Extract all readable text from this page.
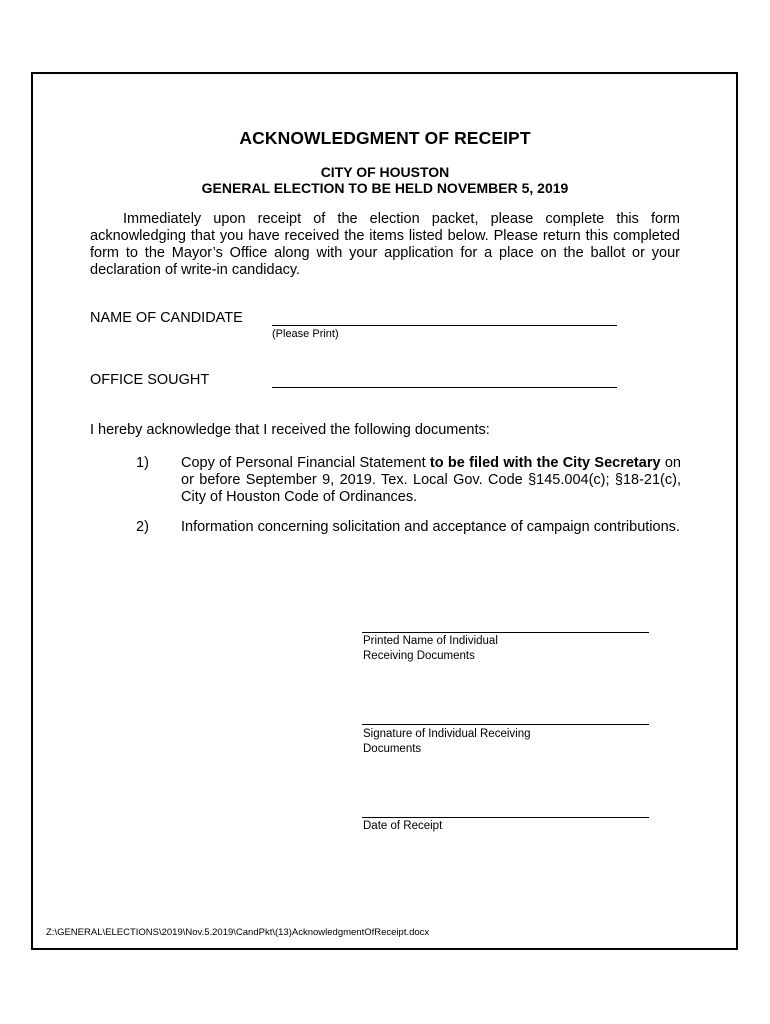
ACKNOWLEDGMENT OF RECEIPT
CITY OF HOUSTON
GENERAL ELECTION TO BE HELD NOVEMBER 5, 2019

Immediately upon receipt of the election packet, please complete this form acknowledging that you have received the items listed below. Please return this completed form to the Mayor’s Office along with your application for a place on the ballot or your declaration of write-in candidacy.

NAME OF CANDIDATE
(Please Print)
OFFICE SOUGHT
I hereby acknowledge that I received the following documents:
1) Copy of Personal Financial Statement to be filed with the City Secretary on or before September 9, 2019. Tex. Local Gov. Code §145.004(c); §18-21(c), City of Houston Code of Ordinances.

2) Information concerning solicitation and acceptance of campaign contributions.

Printed Name of Individual
Receiving Documents

Signature of Individual Receiving
Documents

Date of Receipt

Z:\GENERAL\ELECTIONS\2019\Nov.5.2019\CandPkt\(13)AcknowledgmentOfReceipt.docx
